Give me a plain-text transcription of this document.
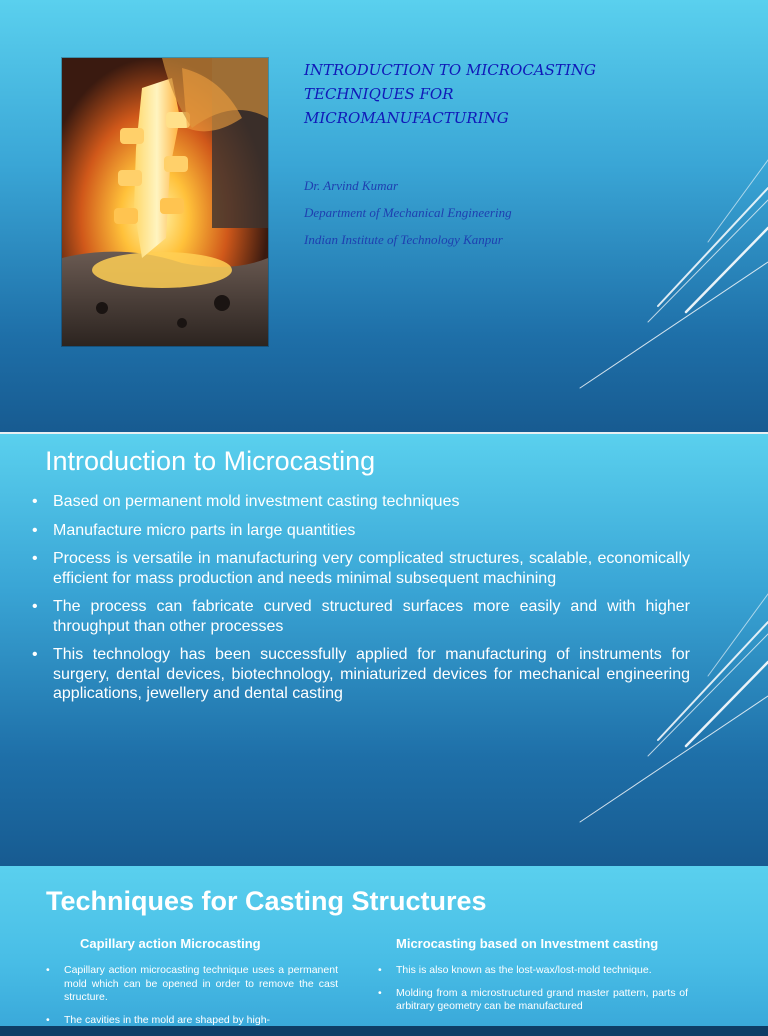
INTRODUCTION TO MICROCASTING
TECHNIQUES FOR
MICROMANUFACTURING
Dr. Arvind Kumar
Department of Mechanical Engineering
Indian Institute of Technology Kanpur
Introduction to Microcasting
• Based on permanent mold investment casting techniques
• Manufacture micro parts in large quantities
• Process is versatile in manufacturing very complicated structures, scalable, economically efficient for mass production and needs minimal subsequent machining
• The process can fabricate curved structured surfaces more easily and with higher throughput than other processes
• This technology has been successfully applied for manufacturing of instruments for surgery, dental devices, biotechnology, miniaturized devices for mechanical engineering applications, jewellery and dental casting
Techniques for Casting Structures
Capillary action Microcasting
• Capillary action microcasting technique uses a permanent mold which can be opened in order to remove the cast structure.
• The cavities in the mold are shaped by high-
Microcasting based on Investment casting
• This is also known as the lost-wax/lost-mold technique.
• Molding from a microstructured grand master pattern, parts of arbitrary geometry can be manufactured
